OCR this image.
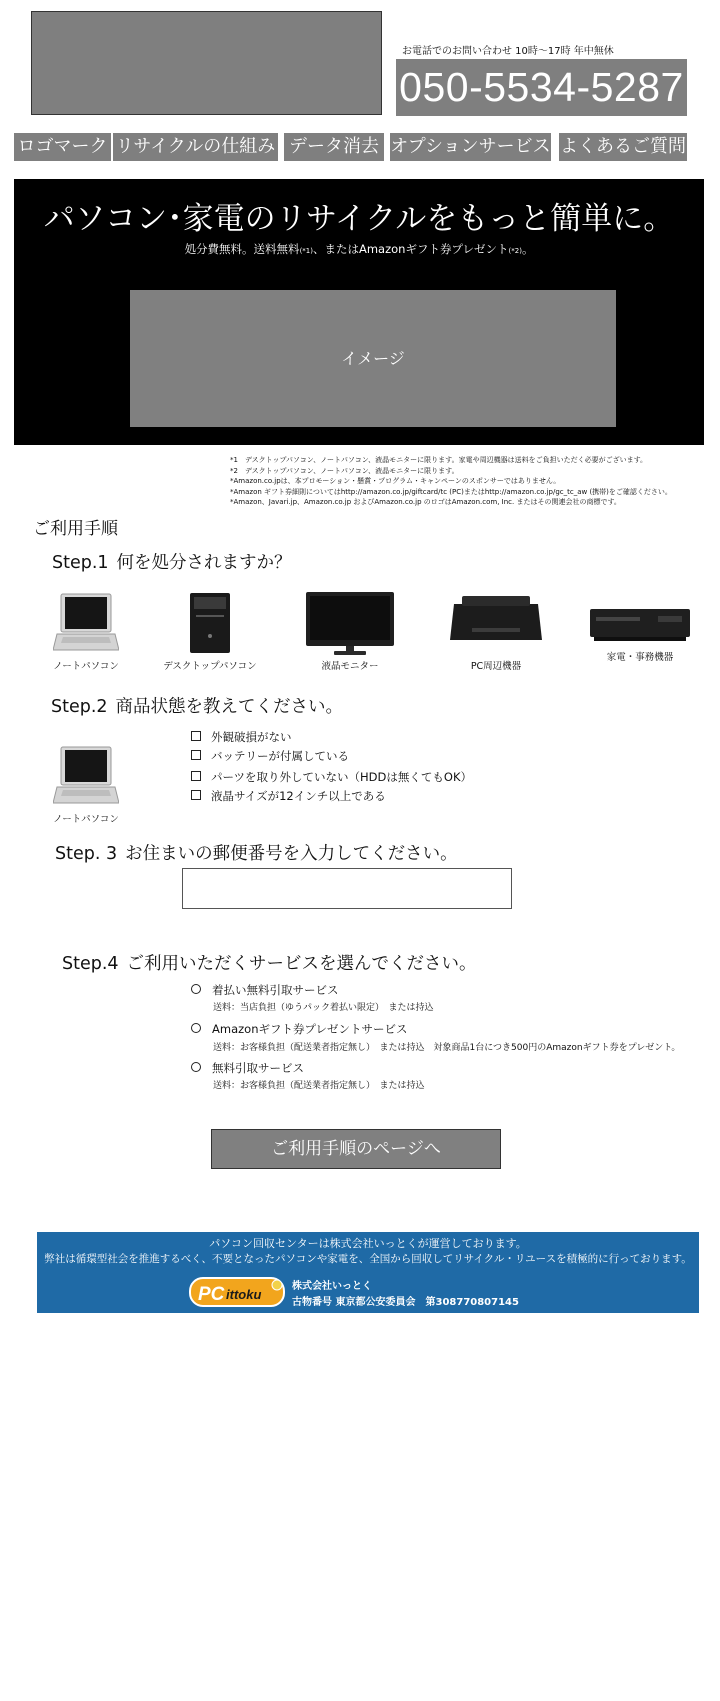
お電話でのお問い合わせ 10時～17時 年中無休
050-5534-5287
ロゴマーク リサイクルの仕組み データ消去 オプションサービス よくあるご質問
パソコン･家電のリサイクルをもっと簡単に。
処分費無料。送料無料(*1)、またはAmazonギフト券プレゼント(*2)。
イメージ
*1　デスクトップパソコン、ノートパソコン、液晶モニターに限ります。家電や周辺機器は送料をご負担いただく必要がございます。
*2　デスクトップパソコン、ノートパソコン、液晶モニターに限ります。
*Amazon.co.jpは、本プロモーション・懸賞・プログラム・キャンペーンのスポンサーではありません。
*Amazon ギフト券細則についてはhttp://amazon.co.jp/giftcard/tc (PC)またはhttp://amazon.co.jp/gc_tc_aw (携帯)をご確認ください。
*Amazon、Javari.jp、Amazon.co.jp およびAmazon.co.jp のロゴはAmazon.com, Inc. またはその関連会社の商標です。
ご利用手順
Step.1 何を処分されますか？
ノートパソコン	デスクトップパソコン	液晶モニター	PC周辺機器
家電・事務機器
Step.2 商品状態を教えてください。
ノートパソコン
外観破損がない
バッテリーが付属している
パーツを取り外していない（HDDは無くてもOK）
液晶サイズが12インチ以上である
Step. 3 お住まいの郵便番号を入力してください。
Step.4 ご利用いただくサービスを選んでください。
着払い無料引取サービス
送料：当店負担（ゆうパック着払い限定）　または持込
Amazonギフト券プレゼントサービス
送料：お客様負担（配送業者指定無し）　または持込　対象商品1台につき500円のAmazonギフト券をプレゼント。
無料引取サービス
送料：お客様負担（配送業者指定無し）　または持込
ご利用手順のページへ
パソコン回収センターは株式会社いっとくが運営しております。
弊社は循環型社会を推進するべく、不要となったパソコンや家電を、全国から回収してリサイクル・リユースを積極的に行っております。
PC ittoku
株式会社いっとく
古物番号 東京都公安委員会　第308770807145
